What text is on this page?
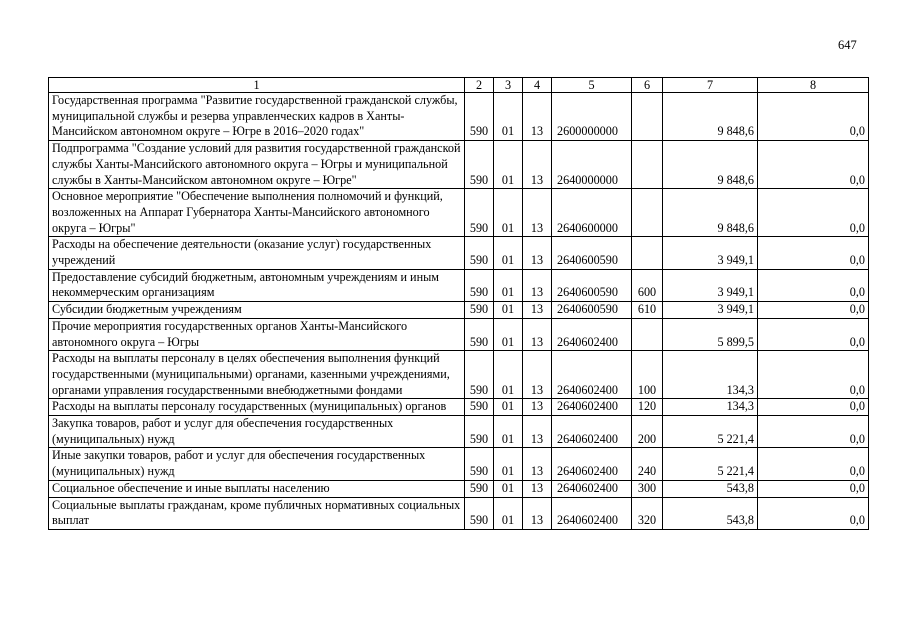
647
1	2	3	4	5	6	7	8
Государственная программа "Развитие государственной гражданской службы, муниципальной службы и резерва управленческих кадров в Ханты-Мансийском автономном округе – Югре в 2016–2020 годах"	590	01	13	2600000000		9 848,6	0,0
Подпрограмма "Создание условий для развития государственной гражданской службы Ханты-Мансийского автономного округа – Югры и муниципальной службы в Ханты-Мансийском автономном округе – Югре"	590	01	13	2640000000		9 848,6	0,0
Основное мероприятие "Обеспечение выполнения полномочий и функций, возложенных на Аппарат Губернатора Ханты-Мансийского автономного округа – Югры"	590	01	13	2640600000		9 848,6	0,0
Расходы на обеспечение деятельности (оказание услуг) государственных учреждений	590	01	13	2640600590		3 949,1	0,0
Предоставление субсидий бюджетным, автономным учреждениям и иным некоммерческим организациям	590	01	13	2640600590	600	3 949,1	0,0
Субсидии бюджетным учреждениям	590	01	13	2640600590	610	3 949,1	0,0
Прочие мероприятия государственных органов Ханты-Мансийского автономного округа – Югры	590	01	13	2640602400		5 899,5	0,0
Расходы на выплаты персоналу в целях обеспечения выполнения функций государственными (муниципальными) органами, казенными учреждениями, органами управления государственными внебюджетными фондами	590	01	13	2640602400	100	134,3	0,0
Расходы на выплаты персоналу государственных (муниципальных) органов	590	01	13	2640602400	120	134,3	0,0
Закупка товаров, работ и услуг для обеспечения государственных (муниципальных) нужд	590	01	13	2640602400	200	5 221,4	0,0
Иные закупки товаров, работ и услуг для обеспечения государственных (муниципальных) нужд	590	01	13	2640602400	240	5 221,4	0,0
Социальное обеспечение и иные выплаты населению	590	01	13	2640602400	300	543,8	0,0
Социальные выплаты гражданам, кроме публичных нормативных социальных выплат	590	01	13	2640602400	320	543,8	0,0
